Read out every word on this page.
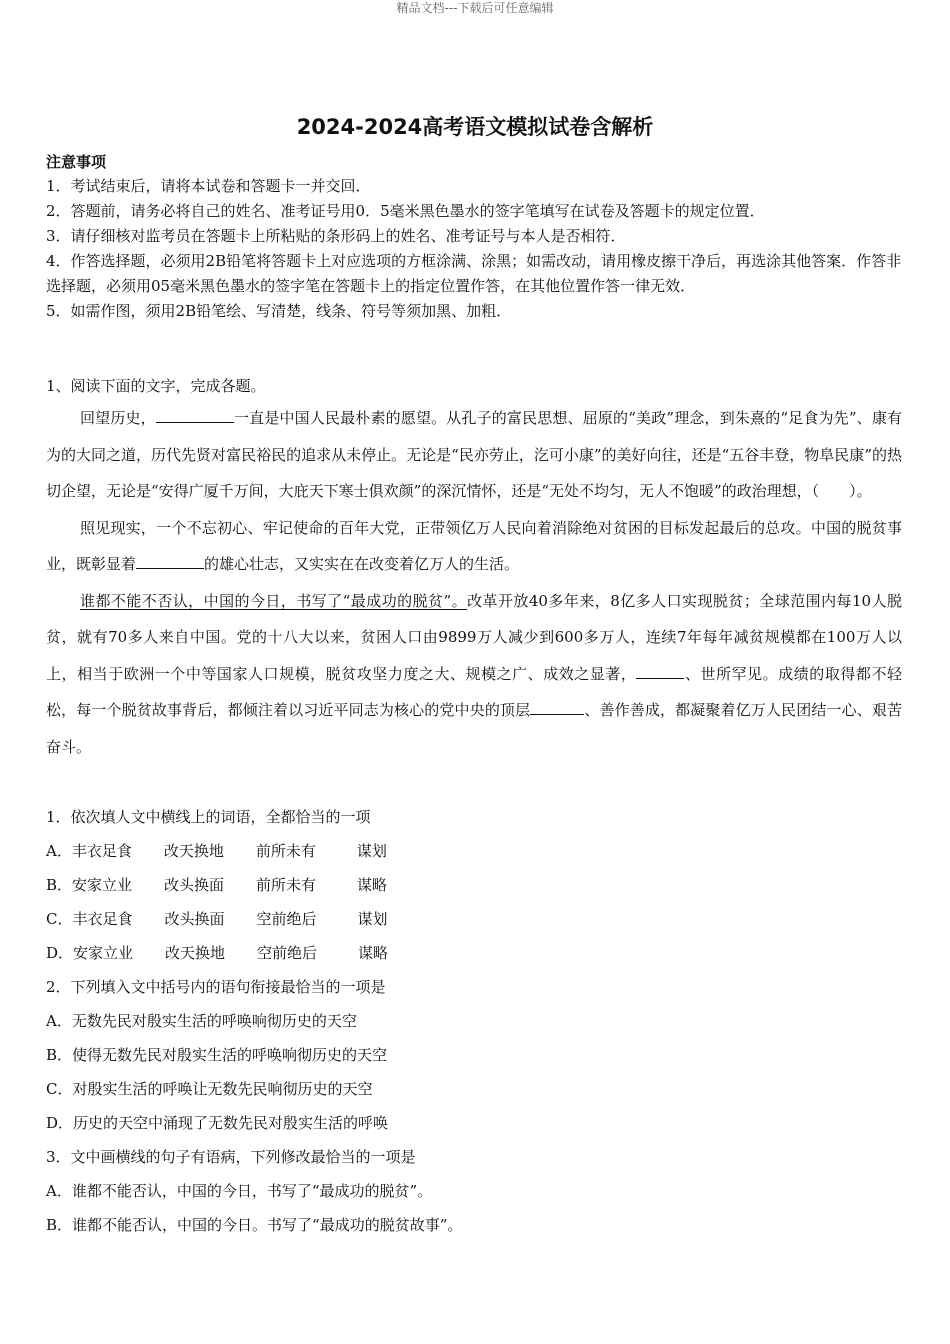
精品文档---下载后可任意编辑
2024-2024高考语文模拟试卷含解析
注意事项
1．考试结束后，请将本试卷和答题卡一并交回．
2．答题前，请务必将自己的姓名、准考证号用0．5毫米黑色墨水的签字笔填写在试卷及答题卡的规定位置．
3．请仔细核对监考员在答题卡上所粘贴的条形码上的姓名、准考证号与本人是否相符．
4．作答选择题，必须用2B铅笔将答题卡上对应选项的方框涂满、涂黑；如需改动，请用橡皮擦干净后，再选涂其他答案．作答非选择题，必须用05毫米黑色墨水的签字笔在答题卡上的指定位置作答，在其他位置作答一律无效．
5．如需作图，须用2B铅笔绘、写清楚，线条、符号等须加黑、加粗．
1、阅读下面的文字，完成各题。

回望历史，	一直是中国人民最朴素的愿望。从孔子的富民思想、屈原的“美政”理念，到朱熹的“足食为先”、康有为的大同之道，历代先贤对富民裕民的追求从未停止。无论是“民亦劳止，汔可小康”的美好向往，还是“五谷丰登，物阜民康”的热切企望，无论是“安得广厦千万间，大庇天下寒士俱欢颜”的深沉情怀，还是“无处不均匀，无人不饱暖”的政治理想，（　　）。

照见现实，一个不忘初心、牢记使命的百年大党，正带领亿万人民向着消除绝对贫困的目标发起最后的总攻。中国的脱贫事业，既彰显着	的雄心壮志，又实实在在改变着亿万人的生活。

谁都不能不否认，中国的今日，书写了“最成功的脱贫”。改革开放40多年来，8亿多人口实现脱贫；全球范围内每10人脱贫，就有70多人来自中国。党的十八大以来，贫困人口由9899万人减少到600多万人，连续7年每年减贫规模都在100万人以上，相当于欧洲一个中等国家人口规模，脱贫攻坚力度之大、规模之广、成效之显著，	、世所罕见。成绩的取得都不轻松，每一个脱贫故事背后，都倾注着以习近平同志为核心的党中央的顶层	、善作善成，都凝聚着亿万人民团结一心、艰苦奋斗。

1．依次填人文中横线上的词语，全都恰当的一项
A．丰衣足食 改天换地 前所未有	谋划
B．安家立业 改头换面 前所未有	谋略
C．丰衣足食 改头换面 空前绝后	谋划
D．安家立业 改天换地 空前绝后	谋略
2．下列填入文中括号内的语句衔接最恰当的一项是
A．无数先民对殷实生活的呼唤响彻历史的天空
B．使得无数先民对殷实生活的呼唤响彻历史的天空
C．对殷实生活的呼唤让无数先民响彻历史的天空
D．历史的天空中涌现了无数先民对殷实生活的呼唤
3．文中画横线的句子有语病，下列修改最恰当的一项是
A．谁都不能否认，中国的今日，书写了“最成功的脱贫”。
B．谁都不能否认，中国的今日。书写了“最成功的脱贫故事”。
